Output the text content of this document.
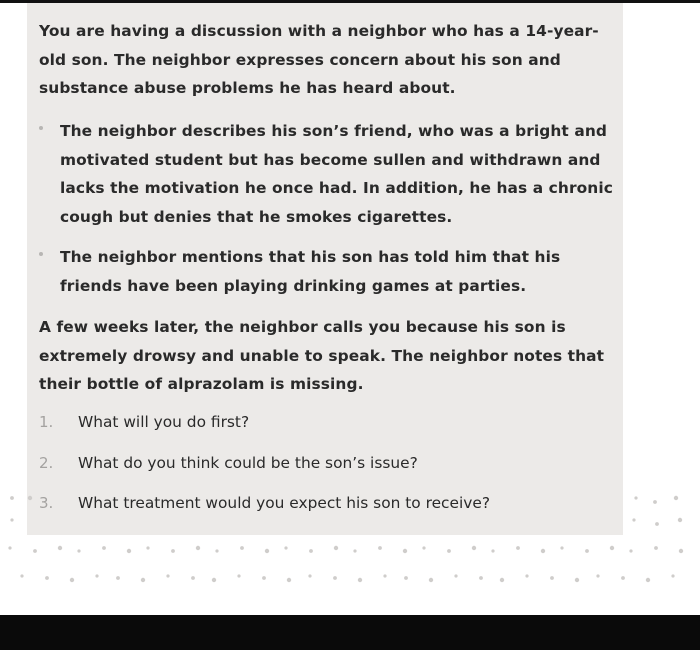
You are having a discussion with a neighbor who has a 14-year-old son. The neighbor expresses concern about his son and substance abuse problems he has heard about.

The neighbor describes his son’s friend, who was a bright and motivated student but has become sullen and withdrawn and lacks the motivation he once had. In addition, he has a chronic cough but denies that he smokes cigarettes.

The neighbor mentions that his son has told him that his friends have been playing drinking games at parties.

A few weeks later, the neighbor calls you because his son is extremely drowsy and unable to speak. The neighbor notes that their bottle of alprazolam is missing.

1.	What will you do first?
2.	What do you think could be the son’s issue?
3.	What treatment would you expect his son to receive?
